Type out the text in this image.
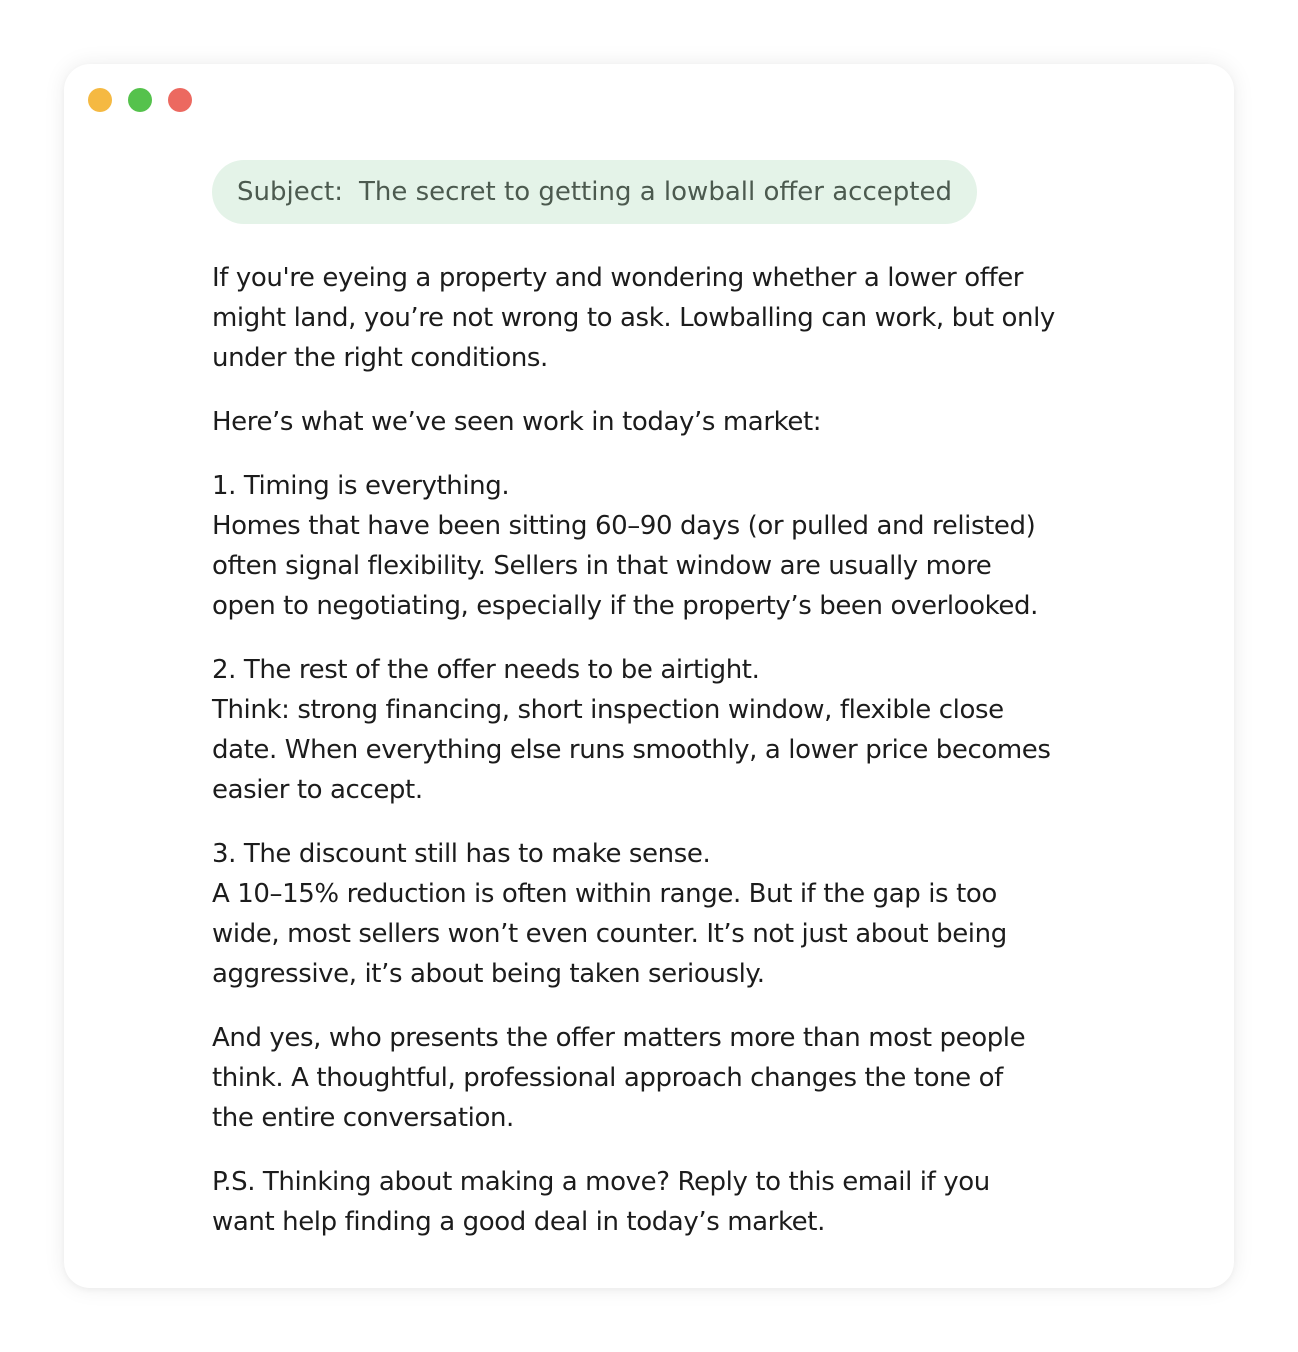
Subject: The secret to getting a lowball offer accepted

If you're eyeing a property and wondering whether a lower offer
might land, you’re not wrong to ask. Lowballing can work, but only
under the right conditions.

Here’s what we’ve seen work in today’s market:

1. Timing is everything.
Homes that have been sitting 60–90 days (or pulled and relisted)
often signal flexibility. Sellers in that window are usually more
open to negotiating, especially if the property’s been overlooked.

2. The rest of the offer needs to be airtight.
Think: strong financing, short inspection window, flexible close
date. When everything else runs smoothly, a lower price becomes
easier to accept.

3. The discount still has to make sense.
A 10–15% reduction is often within range. But if the gap is too
wide, most sellers won’t even counter. It’s not just about being
aggressive, it’s about being taken seriously.

And yes, who presents the offer matters more than most people
think. A thoughtful, professional approach changes the tone of
the entire conversation.

P.S. Thinking about making a move? Reply to this email if you
want help finding a good deal in today’s market.
